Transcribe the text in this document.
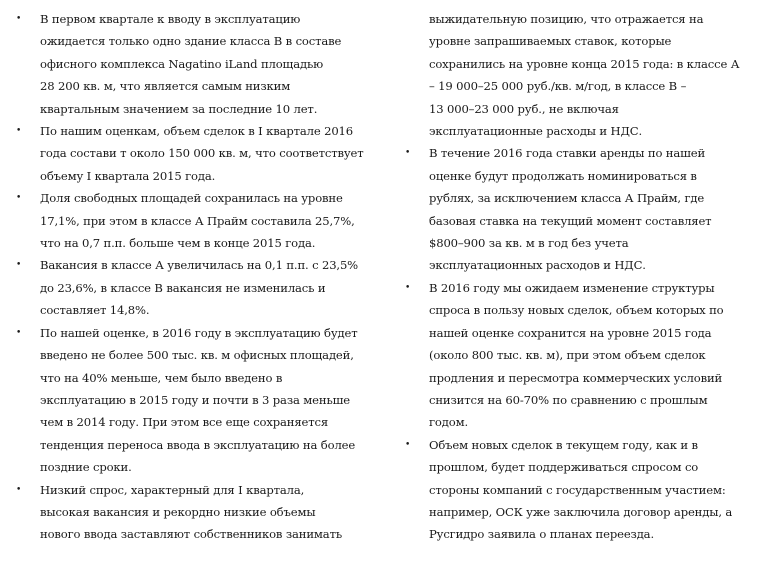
• В первом квартале к вводу в эксплуатацию
ожидается только одно здание класса В в составе
офисного комплекса Nagatino iLand площадью
28 200 кв. м, что является самым низким
квартальным значением за последние 10 лет.
• По нашим оценкам, объем сделок в I квартале 2016
года состави т около 150 000 кв. м, что соответствует
объему I квартала 2015 года.
• Доля свободных площадей сохранилась на уровне
17,1%, при этом в классе А Прайм составила 25,7%,
что на 0,7 п.п. больше чем в конце 2015 года.
• Вакансия в классе А увеличилась на 0,1 п.п. с 23,5%
до 23,6%, в классе В вакансия не изменилась и
составляет 14,8%.
• По нашей оценке, в 2016 году в эксплуатацию будет
введено не более 500 тыс. кв. м офисных площадей,
что на 40% меньше, чем было введено в
эксплуатацию в 2015 году и почти в 3 раза меньше
чем в 2014 году. При этом все еще сохраняется
тенденция переноса ввода в эксплуатацию на более
поздние сроки.
• Низкий спрос, характерный для I квартала,
высокая вакансия и рекордно низкие объемы
нового ввода заставляют собственников занимать
выжидательную позицию, что отражается на
уровне запрашиваемых ставок, которые
сохранились на уровне конца 2015 года: в классе А
– 19 000–25 000 руб./кв. м/год, в классе В –
13 000–23 000 руб., не включая
эксплуатационные расходы и НДС.
• В течение 2016 года ставки аренды по нашей
оценке будут продолжать номинироваться в
рублях, за исключением класса А Прайм, где
базовая ставка на текущий момент составляет
$800–900 за кв. м в год без учета
эксплуатационных расходов и НДС.
• В 2016 году мы ожидаем изменение структуры
спроса в пользу новых сделок, объем которых по
нашей оценке сохранится на уровне 2015 года
(около 800 тыс. кв. м), при этом объем сделок
продления и пересмотра коммерческих условий
снизится на 60-70% по сравнению с прошлым
годом.
• Объем новых сделок в текущем году, как и в
прошлом, будет поддерживаться спросом со
стороны компаний с государственным участием:
например, ОСК уже заключила договор аренды, а
Русгидро заявила о планах переезда.
